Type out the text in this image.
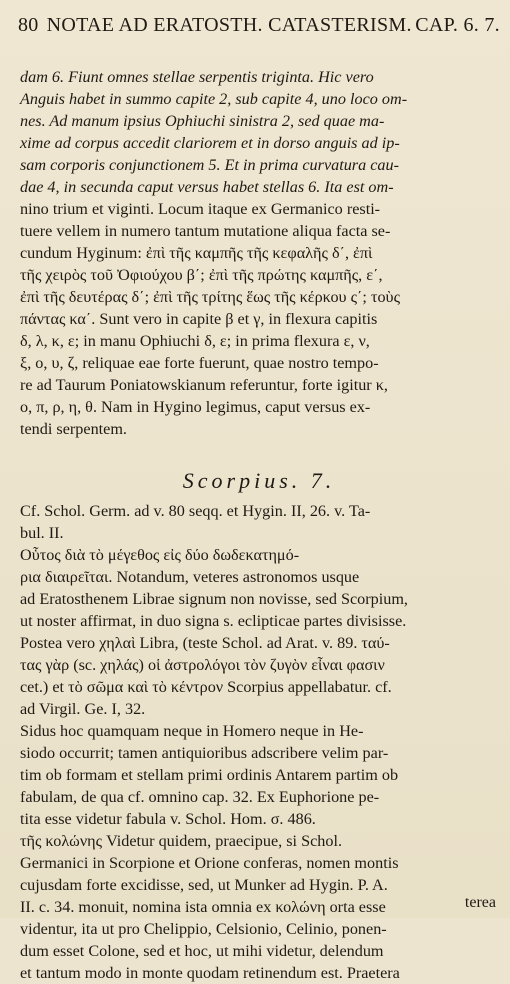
80 NOTAE AD ERATOSTH. CATASTERISM. CAP. 6. 7.
dam 6. Fiunt omnes stellae serpentis triginta. Hic vero
Anguis habet in summo capite 2, sub capite 4, uno loco om-
nes. Ad manum ipsius Ophiuchi sinistra 2, sed quae ma-
xime ad corpus accedit clariorem et in dorso anguis ad ip-
sam corporis conjunctionem 5. Et in prima curvatura cau-
dae 4, in secunda caput versus habet stellas 6. Ita est om-
nino trium et viginti. Locum itaque ex Germanico resti-
tuere vellem in numero tantum mutatione aliqua facta se-
cundum Hyginum: ἐπὶ τῆς καμπῆς τῆς κεφαλῆς δ΄, ἐπὶ
τῆς χειρὸς τοῦ Ὀφιούχου β΄; ἐπὶ τῆς πρώτης καμπῆς, ε΄,
ἐπὶ τῆς δευτέρας δ΄; ἐπὶ τῆς τρίτης ἕως τῆς κέρκου ς΄; τοὺς
πάντας κα΄. Sunt vero in capite β et γ, in flexura capitis
δ, λ, κ, ε; in manu Ophiuchi δ, ε; in prima flexura ε, ν,
ξ, ο, υ, ζ, reliquae eae forte fuerunt, quae nostro tempo-
re ad Taurum Poniatowskianum referuntur, forte igitur κ,
ο, π, ρ, η, θ. Nam in Hygino legimus, caput versus ex-
tendi serpentem.
Scorpius. 7.
Cf. Schol. Germ. ad v. 80 seqq. et Hygin. II, 26. v. Ta-
bul. II.
Οὗτος διὰ τὸ μέγεθος εἰς δύο δωδεκατημό-
ρια διαιρεῖται. Notandum, veteres astronomos usque
ad Eratosthenem Librae signum non novisse, sed Scorpium,
ut noster affirmat, in duo signa s. eclipticae partes divisisse.
Postea vero χηλαὶ Libra, (teste Schol. ad Arat. v. 89. ταύ-
τας γὰρ (sc. χηλάς) οἱ ἀστρολόγοι τὸν ζυγὸν εἶναι φασιν
cet.) et τὸ σῶμα καὶ τὸ κέντρον Scorpius appellabatur. cf.
ad Virgil. Ge. I, 32.
Sidus hoc quamquam neque in Homero neque in He-
siodo occurrit; tamen antiquioribus adscribere velim par-
tim ob formam et stellam primi ordinis Antarem partim ob
fabulam, de qua cf. omnino cap. 32. Ex Euphorione pe-
tita esse videtur fabula v. Schol. Hom. σ. 486.
τῆς κολώνης Videtur quidem, praecipue, si Schol.
Germanici in Scorpione et Orione conferas, nomen montis
cujusdam forte excidisse, sed, ut Munker ad Hygin. P. A.
II. c. 34. monuit, nomina ista omnia ex κολώνη orta esse
videntur, ita ut pro Chelippio, Celsionio, Celinio, ponen-
dum esset Colone, sed et hoc, ut mihi videtur, delendum
et tantum modo in monte quodam retinendum est. Praetera
terea
